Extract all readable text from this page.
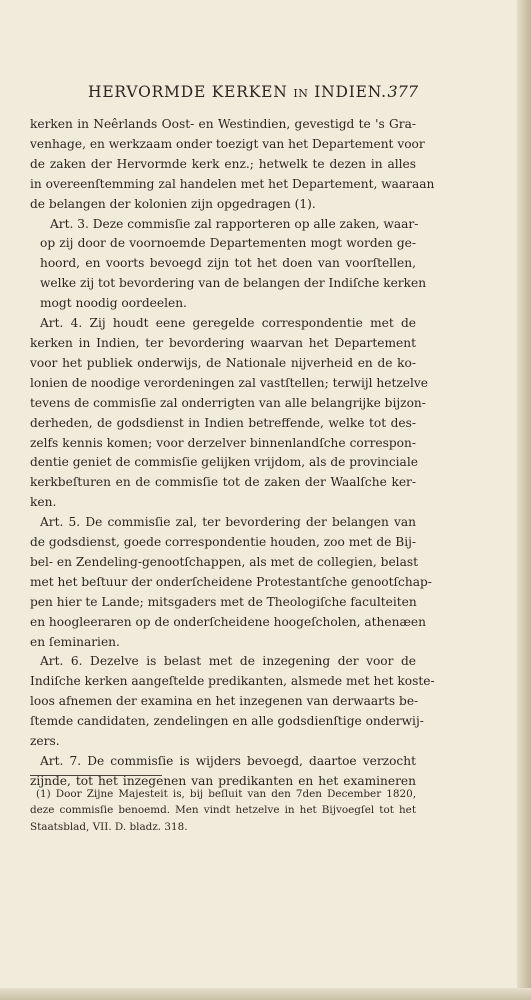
HERVORMDE KERKEN IN INDIEN. 377

kerken in Neêrlands Oost- en Westindien, gevestigd te 's Gra-
venhage, en werkzaam onder toezigt van het Departement voor
de zaken der Hervormde kerk enz.; hetwelk te dezen in alles
in overeenſtemming zal handelen met het Departement, waaraan
de belangen der kolonien zijn opgedragen (1).

Art. 3. Deze commisſie zal rapporteren op alle zaken, waar-
op zij door de voornoemde Departementen mogt worden ge-
hoord, en voorts bevoegd zijn tot het doen van voorſtellen,
welke zij tot bevordering van de belangen der Indiſche kerken
mogt noodig oordeelen.

Art. 4. Zij houdt eene geregelde correspondentie met de
kerken in Indien, ter bevordering waarvan het Departement
voor het publiek onderwijs, de Nationale nijverheid en de ko-
lonien de noodige verordeningen zal vastſtellen; terwijl hetzelve
tevens de commisſie zal onderrigten van alle belangrijke bijzon-
derheden, de godsdienst in Indien betreffende, welke tot des-
zelfs kennis komen; voor derzelver binnenlandſche correspon-
dentie geniet de commisſie gelijken vrijdom, als de provinciale
kerkbeſturen en de commisſie tot de zaken der Waalſche ker-
ken.

Art. 5. De commisſie zal, ter bevordering der belangen van
de godsdienst, goede correspondentie houden, zoo met de Bij-
bel- en Zendeling-genootſchappen, als met de collegien, belast
met het beſtuur der onderſcheidene Protestantſche genootſchap-
pen hier te Lande; mitsgaders met de Theologiſche faculteiten
en hoogleeraren op de onderſcheidene hoogeſcholen, athenæen
en ſeminarien.

Art. 6. Dezelve is belast met de inzegening der voor de
Indiſche kerken aangeſtelde predikanten, alsmede met het koste-
loos afnemen der examina en het inzegenen van derwaarts be-
ſtemde candidaten, zendelingen en alle godsdienſtige onderwij-
zers.

Art. 7. De commisſie is wijders bevoegd, daartoe verzocht
zijnde, tot het inzegenen van predikanten en het examineren

(1) Door Zijne Majesteit is, bij beſluit van den 7den December 1820,
deze commisſie benoemd. Men vindt hetzelve in het Bijvoegſel tot het
Staatsblad, VII. D. bladz. 318.
